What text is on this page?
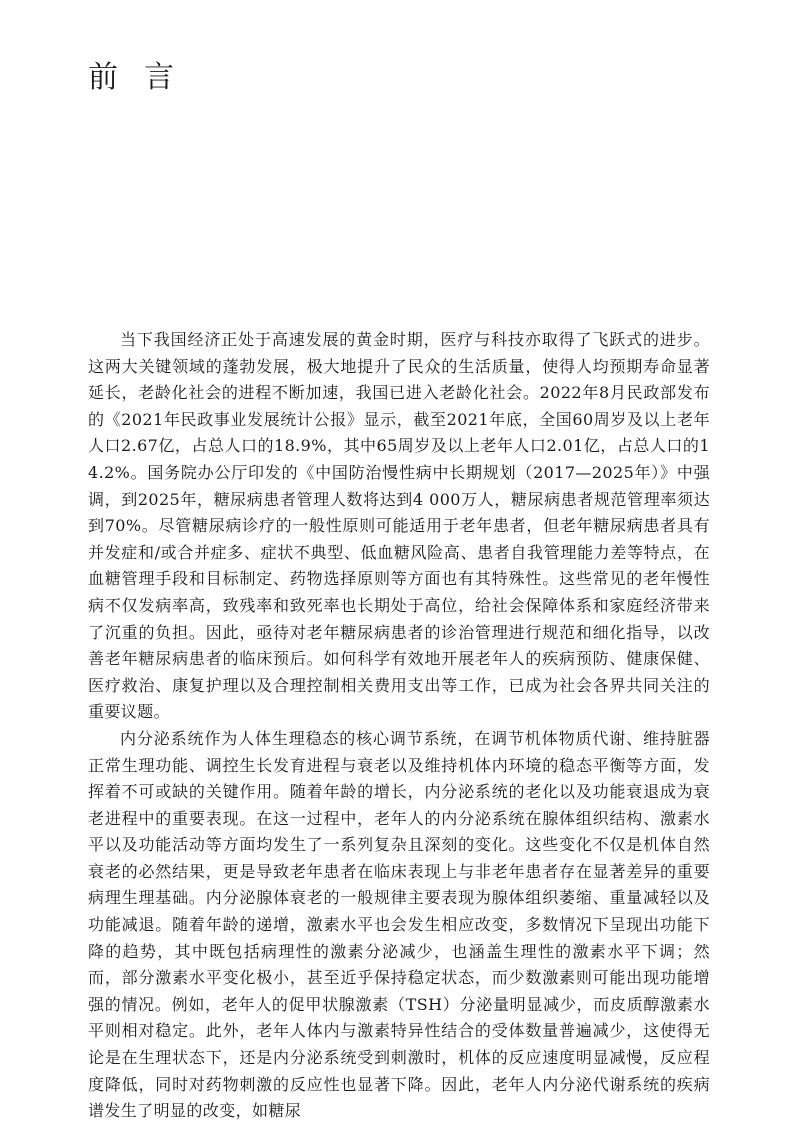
前言

当下我国经济正处于高速发展的黄金时期，医疗与科技亦取得了飞跃式的进步。这两大关键领域的蓬勃发展，极大地提升了民众的生活质量，使得人均预期寿命显著延长，老龄化社会的进程不断加速，我国已进入老龄化社会。2022年8月民政部发布的《2021年民政事业发展统计公报》显示，截至2021年底，全国60周岁及以上老年人口2.67亿，占总人口的18.9%，其中65周岁及以上老年人口2.01亿，占总人口的14.2%。国务院办公厅印发的《中国防治慢性病中长期规划（2017—2025年）》中强调，到2025年，糖尿病患者管理人数将达到4 000万人，糖尿病患者规范管理率须达到70%。尽管糖尿病诊疗的一般性原则可能适用于老年患者，但老年糖尿病患者具有并发症和/或合并症多、症状不典型、低血糖风险高、患者自我管理能力差等特点，在血糖管理手段和目标制定、药物选择原则等方面也有其特殊性。这些常见的老年慢性病不仅发病率高，致残率和致死率也长期处于高位，给社会保障体系和家庭经济带来了沉重的负担。因此，亟待对老年糖尿病患者的诊治管理进行规范和细化指导，以改善老年糖尿病患者的临床预后。如何科学有效地开展老年人的疾病预防、健康保健、医疗救治、康复护理以及合理控制相关费用支出等工作，已成为社会各界共同关注的重要议题。

内分泌系统作为人体生理稳态的核心调节系统，在调节机体物质代谢、维持脏器正常生理功能、调控生长发育进程与衰老以及维持机体内环境的稳态平衡等方面，发挥着不可或缺的关键作用。随着年龄的增长，内分泌系统的老化以及功能衰退成为衰老进程中的重要表现。在这一过程中，老年人的内分泌系统在腺体组织结构、激素水平以及功能活动等方面均发生了一系列复杂且深刻的变化。这些变化不仅是机体自然衰老的必然结果，更是导致老年患者在临床表现上与非老年患者存在显著差异的重要病理生理基础。内分泌腺体衰老的一般规律主要表现为腺体组织萎缩、重量减轻以及功能减退。随着年龄的递增，激素水平也会发生相应改变，多数情况下呈现出功能下降的趋势，其中既包括病理性的激素分泌减少，也涵盖生理性的激素水平下调；然而，部分激素水平变化极小，甚至近乎保持稳定状态，而少数激素则可能出现功能增强的情况。例如，老年人的促甲状腺激素（TSH）分泌量明显减少，而皮质醇激素水平则相对稳定。此外，老年人体内与激素特异性结合的受体数量普遍减少，这使得无论是在生理状态下，还是内分泌系统受到刺激时，机体的反应速度明显减慢，反应程度降低，同时对药物刺激的反应性也显著下降。因此，老年人内分泌代谢系统的疾病谱发生了明显的改变，如糖尿
